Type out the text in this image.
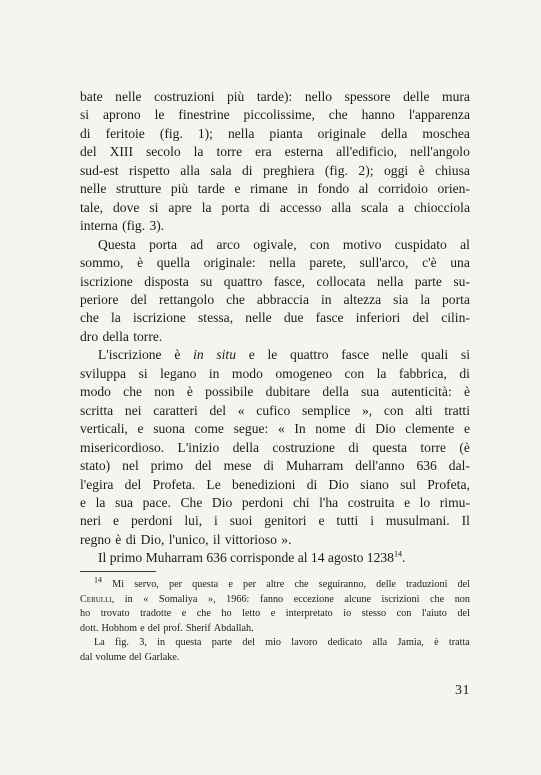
bate nelle costruzioni più tarde): nello spessore delle mura
si aprono le finestrine piccolissime, che hanno l'apparenza
di feritoie (fig. 1); nella pianta originale della moschea
del XIII secolo la torre era esterna all'edificio, nell'angolo
sud-est rispetto alla sala di preghiera (fig. 2); oggi è chiusa
nelle strutture più tarde e rimane in fondo al corridoio orien-
tale, dove si apre la porta di accesso alla scala a chiocciola
interna (fig. 3).
Questa porta ad arco ogivale, con motivo cuspidato al
sommo, è quella originale: nella parete, sull'arco, c'è una
iscrizione disposta su quattro fasce, collocata nella parte su-
periore del rettangolo che abbraccia in altezza sia la porta
che la iscrizione stessa, nelle due fasce inferiori del cilin-
dro della torre.
L'iscrizione è in situ e le quattro fasce nelle quali si
sviluppa si legano in modo omogeneo con la fabbrica, di
modo che non è possibile dubitare della sua autenticità: è
scritta nei caratteri del « cufico semplice », con alti tratti
verticali, e suona come segue: « In nome di Dio clemente e
misericordioso. L'inizio della costruzione di questa torre (è
stato) nel primo del mese di Muharram dell'anno 636 dal-
l'egira del Profeta. Le benedizioni di Dio siano sul Profeta,
e la sua pace. Che Dio perdoni chi l'ha costruita e lo rimu-
neri e perdoni lui, i suoi genitori e tutti i musulmani. Il
regno è di Dio, l'unico, il vittorioso ».
Il primo Muharram 636 corrisponde al 14 agosto 1238$^{14}$.
$^{14}$ Mi servo, per questa e per altre che seguiranno, delle traduzioni del
Cerulli, in « Somaliya », 1966: fanno eccezione alcune iscrizioni che non
ho trovato tradotte e che ho letto e interpretato io stesso con l'aiuto del
dott. Hobhom e del prof. Sherif Abdallah.
La fig. 3, in questa parte del mio lavoro dedicato alla Jamia, è tratta
dal volume del Garlake.
31
